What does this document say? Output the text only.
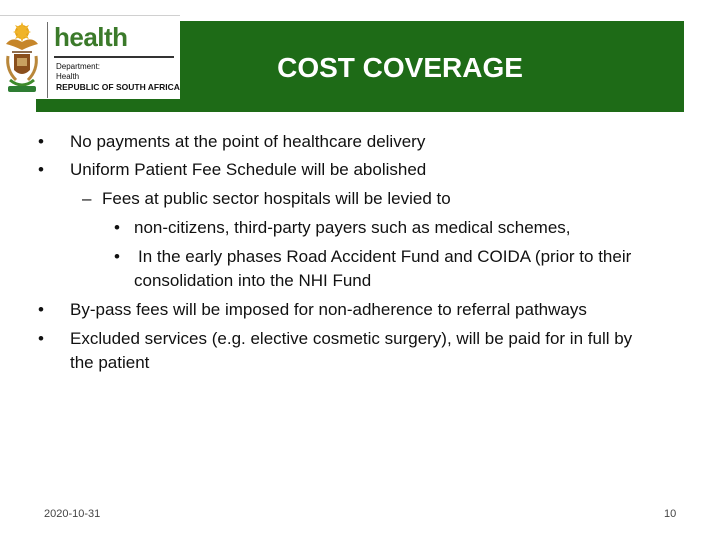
COST COVERAGE
health
Department:
Health
REPUBLIC OF SOUTH AFRICA
• No payments at the point of healthcare delivery
• Uniform Patient Fee Schedule will be abolished
– Fees at public sector hospitals will be levied to
• non-citizens, third-party payers such as medical schemes,
• In the early phases Road Accident Fund and COIDA (prior to their
consolidation into the NHI Fund
• By-pass fees will be imposed for non-adherence to referral pathways
• Excluded services (e.g. elective cosmetic surgery), will be paid for in full by
the patient
2020-10-31	10
